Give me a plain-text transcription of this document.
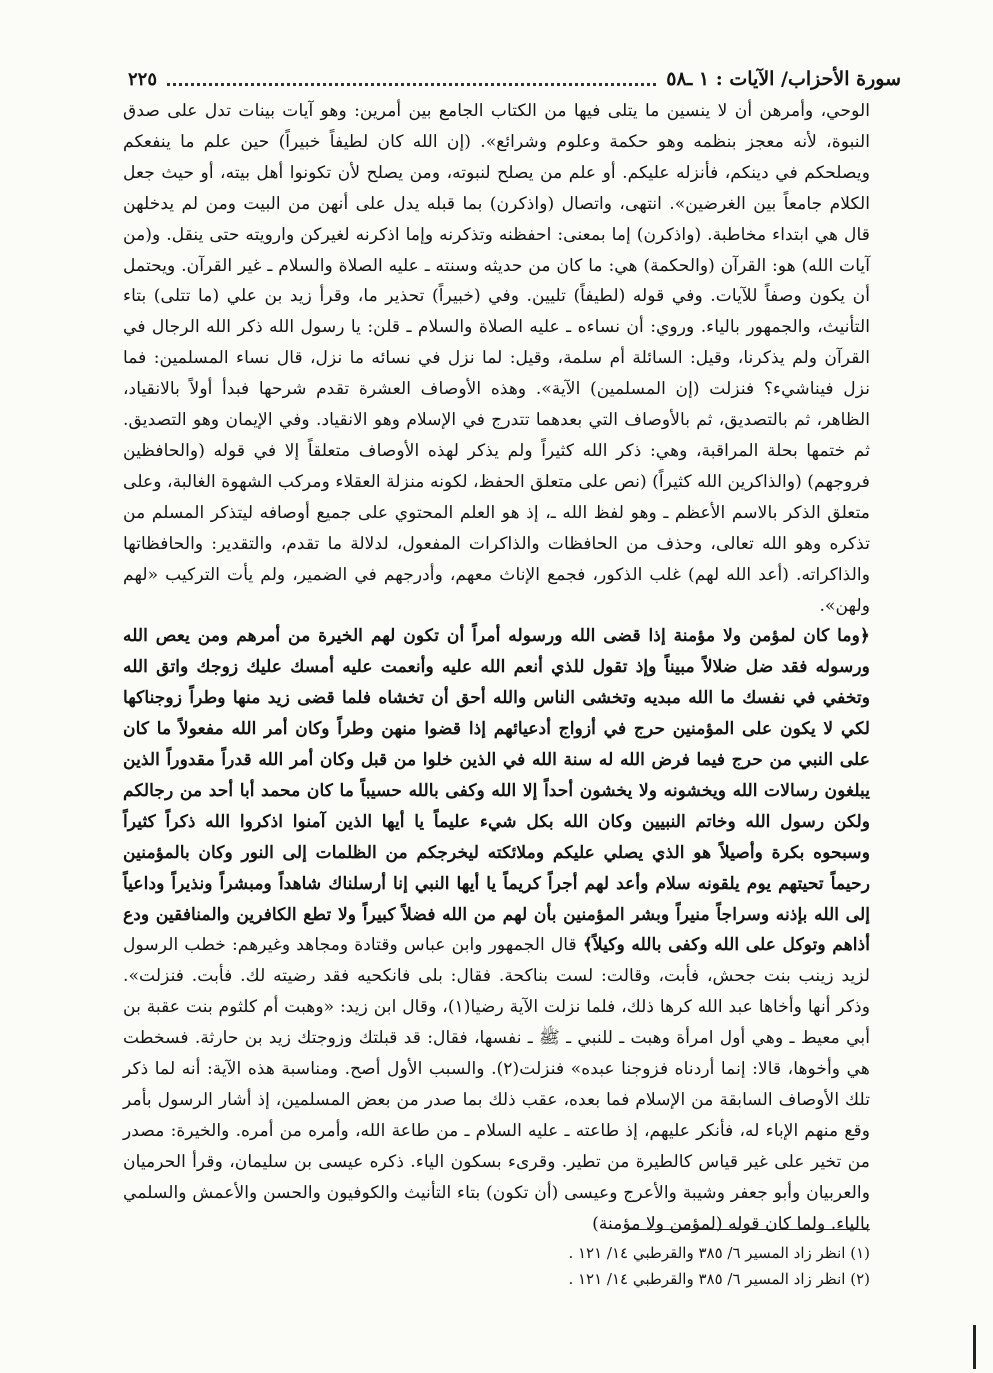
سورة الأحزاب/ الآيات : ١ ـ٥٨
٢٢٥

الوحي، وأمرهن أن لا ينسين ما يتلى فيها من الكتاب الجامع بين أمرين: وهو آيات بينات تدل على صدق النبوة، لأنه معجز بنظمه وهو حكمة وعلوم وشرائع». (إن الله كان لطيفاً خبيراً) حين علم ما ينفعكم ويصلحكم في دينكم، فأنزله عليكم. أو علم من يصلح لنبوته، ومن يصلح لأن تكونوا أهل بيته، أو حيث جعل الكلام جامعاً بين الغرضين». انتهى، واتصال (واذكرن) بما قبله يدل على أنهن من البيت ومن لم يدخلهن قال هي ابتداء مخاطبة. (واذكرن) إما بمعنى: احفظنه وتذكرنه وإما اذكرنه لغيركن وارويته حتى ينقل. و(من آيات الله) هو: القرآن (والحكمة) هي: ما كان من حديثه وسنته ـ عليه الصلاة والسلام ـ غير القرآن. ويحتمل أن يكون وصفاً للآيات. وفي قوله (لطيفاً) تليين. وفي (خبيراً) تحذير ما، وقرأ زيد بن علي (ما تتلى) بتاء التأنيث، والجمهور بالياء. وروي: أن نساءه ـ عليه الصلاة والسلام ـ قلن: يا رسول الله ذكر الله الرجال في القرآن ولم يذكرنا، وقيل: السائلة أم سلمة، وقيل: لما نزل في نسائه ما نزل، قال نساء المسلمين: فما نزل فيناشيء؟ فنزلت (إن المسلمين) الآية». وهذه الأوصاف العشرة تقدم شرحها فبدأ أولاً بالانقياد، الظاهر، ثم بالتصديق، ثم بالأوصاف التي بعدهما تتدرج في الإسلام وهو الانقياد. وفي الإيمان وهو التصديق. ثم ختمها بحلة المراقبة، وهي: ذكر الله كثيراً ولم يذكر لهذه الأوصاف متعلقاً إلا في قوله (والحافظين فروجهم) (والذاكرين الله كثيراً) (نص على متعلق الحفظ، لكونه منزلة العقلاء ومركب الشهوة الغالبة، وعلى متعلق الذكر بالاسم الأعظم ـ وهو لفظ الله ـ، إذ هو العلم المحتوي على جميع أوصافه ليتذكر المسلم من تذكره وهو الله تعالى، وحذف من الحافظات والذاكرات المفعول، لدلالة ما تقدم، والتقدير: والحافظاتها والذاكراته. (أعد الله لهم) غلب الذكور، فجمع الإناث معهم، وأدرجهم في الضمير، ولم يأت التركيب «لهم ولهن».

﴿وما كان لمؤمن ولا مؤمنة إذا قضى الله ورسوله أمراً أن تكون لهم الخيرة من أمرهم ومن يعص الله ورسوله فقد ضل ضلالاً مبيناً وإذ تقول للذي أنعم الله عليه وأنعمت عليه أمسك عليك زوجك واتق الله وتخفي في نفسك ما الله مبديه وتخشى الناس والله أحق أن تخشاه فلما قضى زيد منها وطراً زوجناكها لكي لا يكون على المؤمنين حرج في أزواج أدعيائهم إذا قضوا منهن وطراً وكان أمر الله مفعولاً ما كان على النبي من حرج فيما فرض الله له سنة الله في الذين خلوا من قبل وكان أمر الله قدراً مقدوراً الذين يبلغون رسالات الله ويخشونه ولا يخشون أحداً إلا الله وكفى بالله حسيباً ما كان محمد أبا أحد من رجالكم ولكن رسول الله وخاتم النبيين وكان الله بكل شيء عليماً يا أيها الذين آمنوا اذكروا الله ذكراً كثيراً وسبحوه بكرة وأصيلاً هو الذي يصلي عليكم وملائكته ليخرجكم من الظلمات إلى النور وكان بالمؤمنين رحيماً تحيتهم يوم يلقونه سلام وأعد لهم أجراً كريماً يا أيها النبي إنا أرسلناك شاهداً ومبشراً ونذيراً وداعياً إلى الله بإذنه وسراجاً منيراً وبشر المؤمنين بأن لهم من الله فضلاً كبيراً ولا تطع الكافرين والمنافقين ودع أذاهم وتوكل على الله وكفى بالله وكيلاً﴾ قال الجمهور وابن عباس وقتادة ومجاهد وغيرهم: خطب الرسول لزيد زينب بنت جحش، فأبت، وقالت: لست بناكحة. فقال: بلى فانكحيه فقد رضيته لك. فأبت. فنزلت». وذكر أنها وأخاها عبد الله كرها ذلك، فلما نزلت الآية رضيا(١)، وقال ابن زيد: «وهبت أم كلثوم بنت عقبة بن أبي معيط ـ وهي أول امرأة وهبت ـ للنبي ـ ﷺ ـ نفسها، فقال: قد قبلتك وزوجتك زيد بن حارثة. فسخطت هي وأخوها، قالا: إنما أردناه فزوجنا عبده» فنزلت(٢). والسبب الأول أصح. ومناسبة هذه الآية: أنه لما ذكر تلك الأوصاف السابقة من الإسلام فما بعده، عقب ذلك بما صدر من بعض المسلمين، إذ أشار الرسول بأمر وقع منهم الإباء له، فأنكر عليهم، إذ طاعته ـ عليه السلام ـ من طاعة الله، وأمره من أمره. والخيرة: مصدر من تخير على غير قياس كالطيرة من تطير. وقرىء بسكون الياء. ذكره عيسى بن سليمان، وقرأ الحرميان والعربيان وأبو جعفر وشيبة والأعرج وعيسى (أن تكون) بتاء التأنيث والكوفيون والحسن والأعمش والسلمي بالياء. ولما كان قوله (لمؤمن ولا مؤمنة)

(١) انظر زاد المسير ٦/ ٣٨٥ والقرطبي ١٤/ ١٢١ .
(٢) انظر زاد المسير ٦/ ٣٨٥ والقرطبي ١٤/ ١٢١ .
